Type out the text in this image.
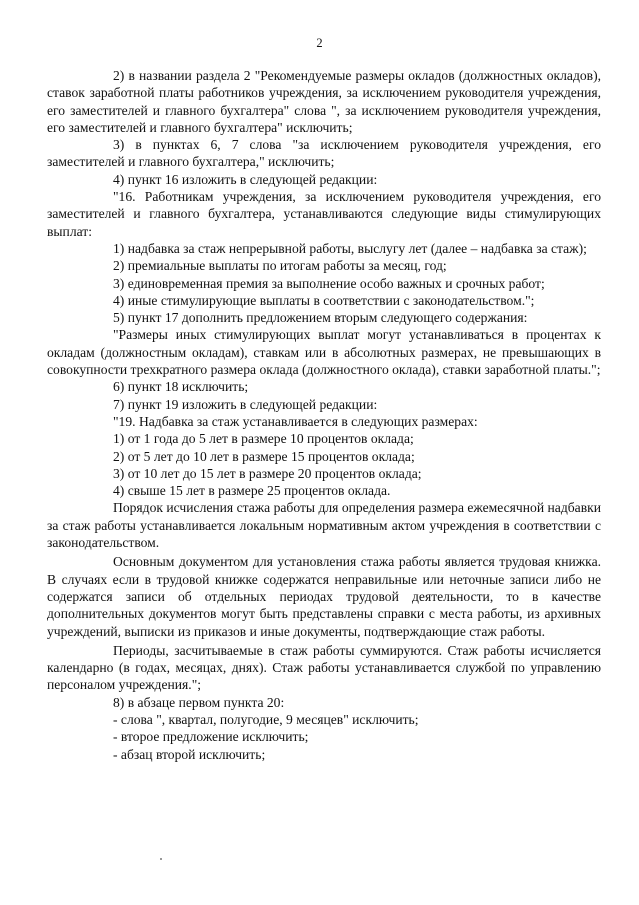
2

2) в названии раздела 2 "Рекомендуемые размеры окладов (должностных окладов), ставок заработной платы работников учреждения, за исключением руководителя учреждения, его заместителей и главного бухгалтера" слова ", за исключением руководителя учреждения, его заместителей и главного бухгалтера" исключить;

3) в пунктах 6, 7 слова "за исключением руководителя учреждения, его заместителей и главного бухгалтера," исключить;

4) пункт 16 изложить в следующей редакции:

"16. Работникам учреждения, за исключением руководителя учреждения, его заместителей и главного бухгалтера, устанавливаются следующие виды стимулирующих выплат:

1) надбавка за стаж непрерывной работы, выслугу лет (далее – надбавка за стаж);

2) премиальные выплаты по итогам работы за месяц, год;

3) единовременная премия за выполнение особо важных и срочных работ;

4) иные стимулирующие выплаты в соответствии с законодательством.";

5) пункт 17 дополнить предложением вторым следующего содержания:

"Размеры иных стимулирующих выплат могут устанавливаться в процентах к окладам (должностным окладам), ставкам или в абсолютных размерах, не превышающих в совокупности трехкратного размера оклада (должностного оклада), ставки заработной платы.";

6) пункт 18 исключить;

7) пункт 19 изложить в следующей редакции:

"19. Надбавка за стаж устанавливается в следующих размерах:

1) от 1 года до 5 лет в размере 10 процентов оклада;

2) от 5 лет до 10 лет в размере 15 процентов оклада;

3) от 10 лет до 15 лет в размере 20 процентов оклада;

4) свыше 15 лет в размере 25 процентов оклада.

Порядок исчисления стажа работы для определения размера ежемесячной надбавки за стаж работы устанавливается локальным нормативным актом учреждения в соответствии с законодательством.

Основным документом для установления стажа работы является трудовая книжка. В случаях если в трудовой книжке содержатся неправильные или неточные записи либо не содержатся записи об отдельных периодах трудовой деятельности, то в качестве дополнительных документов могут быть представлены справки с места работы, из архивных учреждений, выписки из приказов и иные документы, подтверждающие стаж работы.

Периоды, засчитываемые в стаж работы суммируются. Стаж работы исчисляется календарно (в годах, месяцах, днях). Стаж работы устанавливается службой по управлению персоналом учреждения.";

8) в абзаце первом пункта 20:

- слова ", квартал, полугодие, 9 месяцев" исключить;

- второе предложение исключить;

- абзац второй исключить;
